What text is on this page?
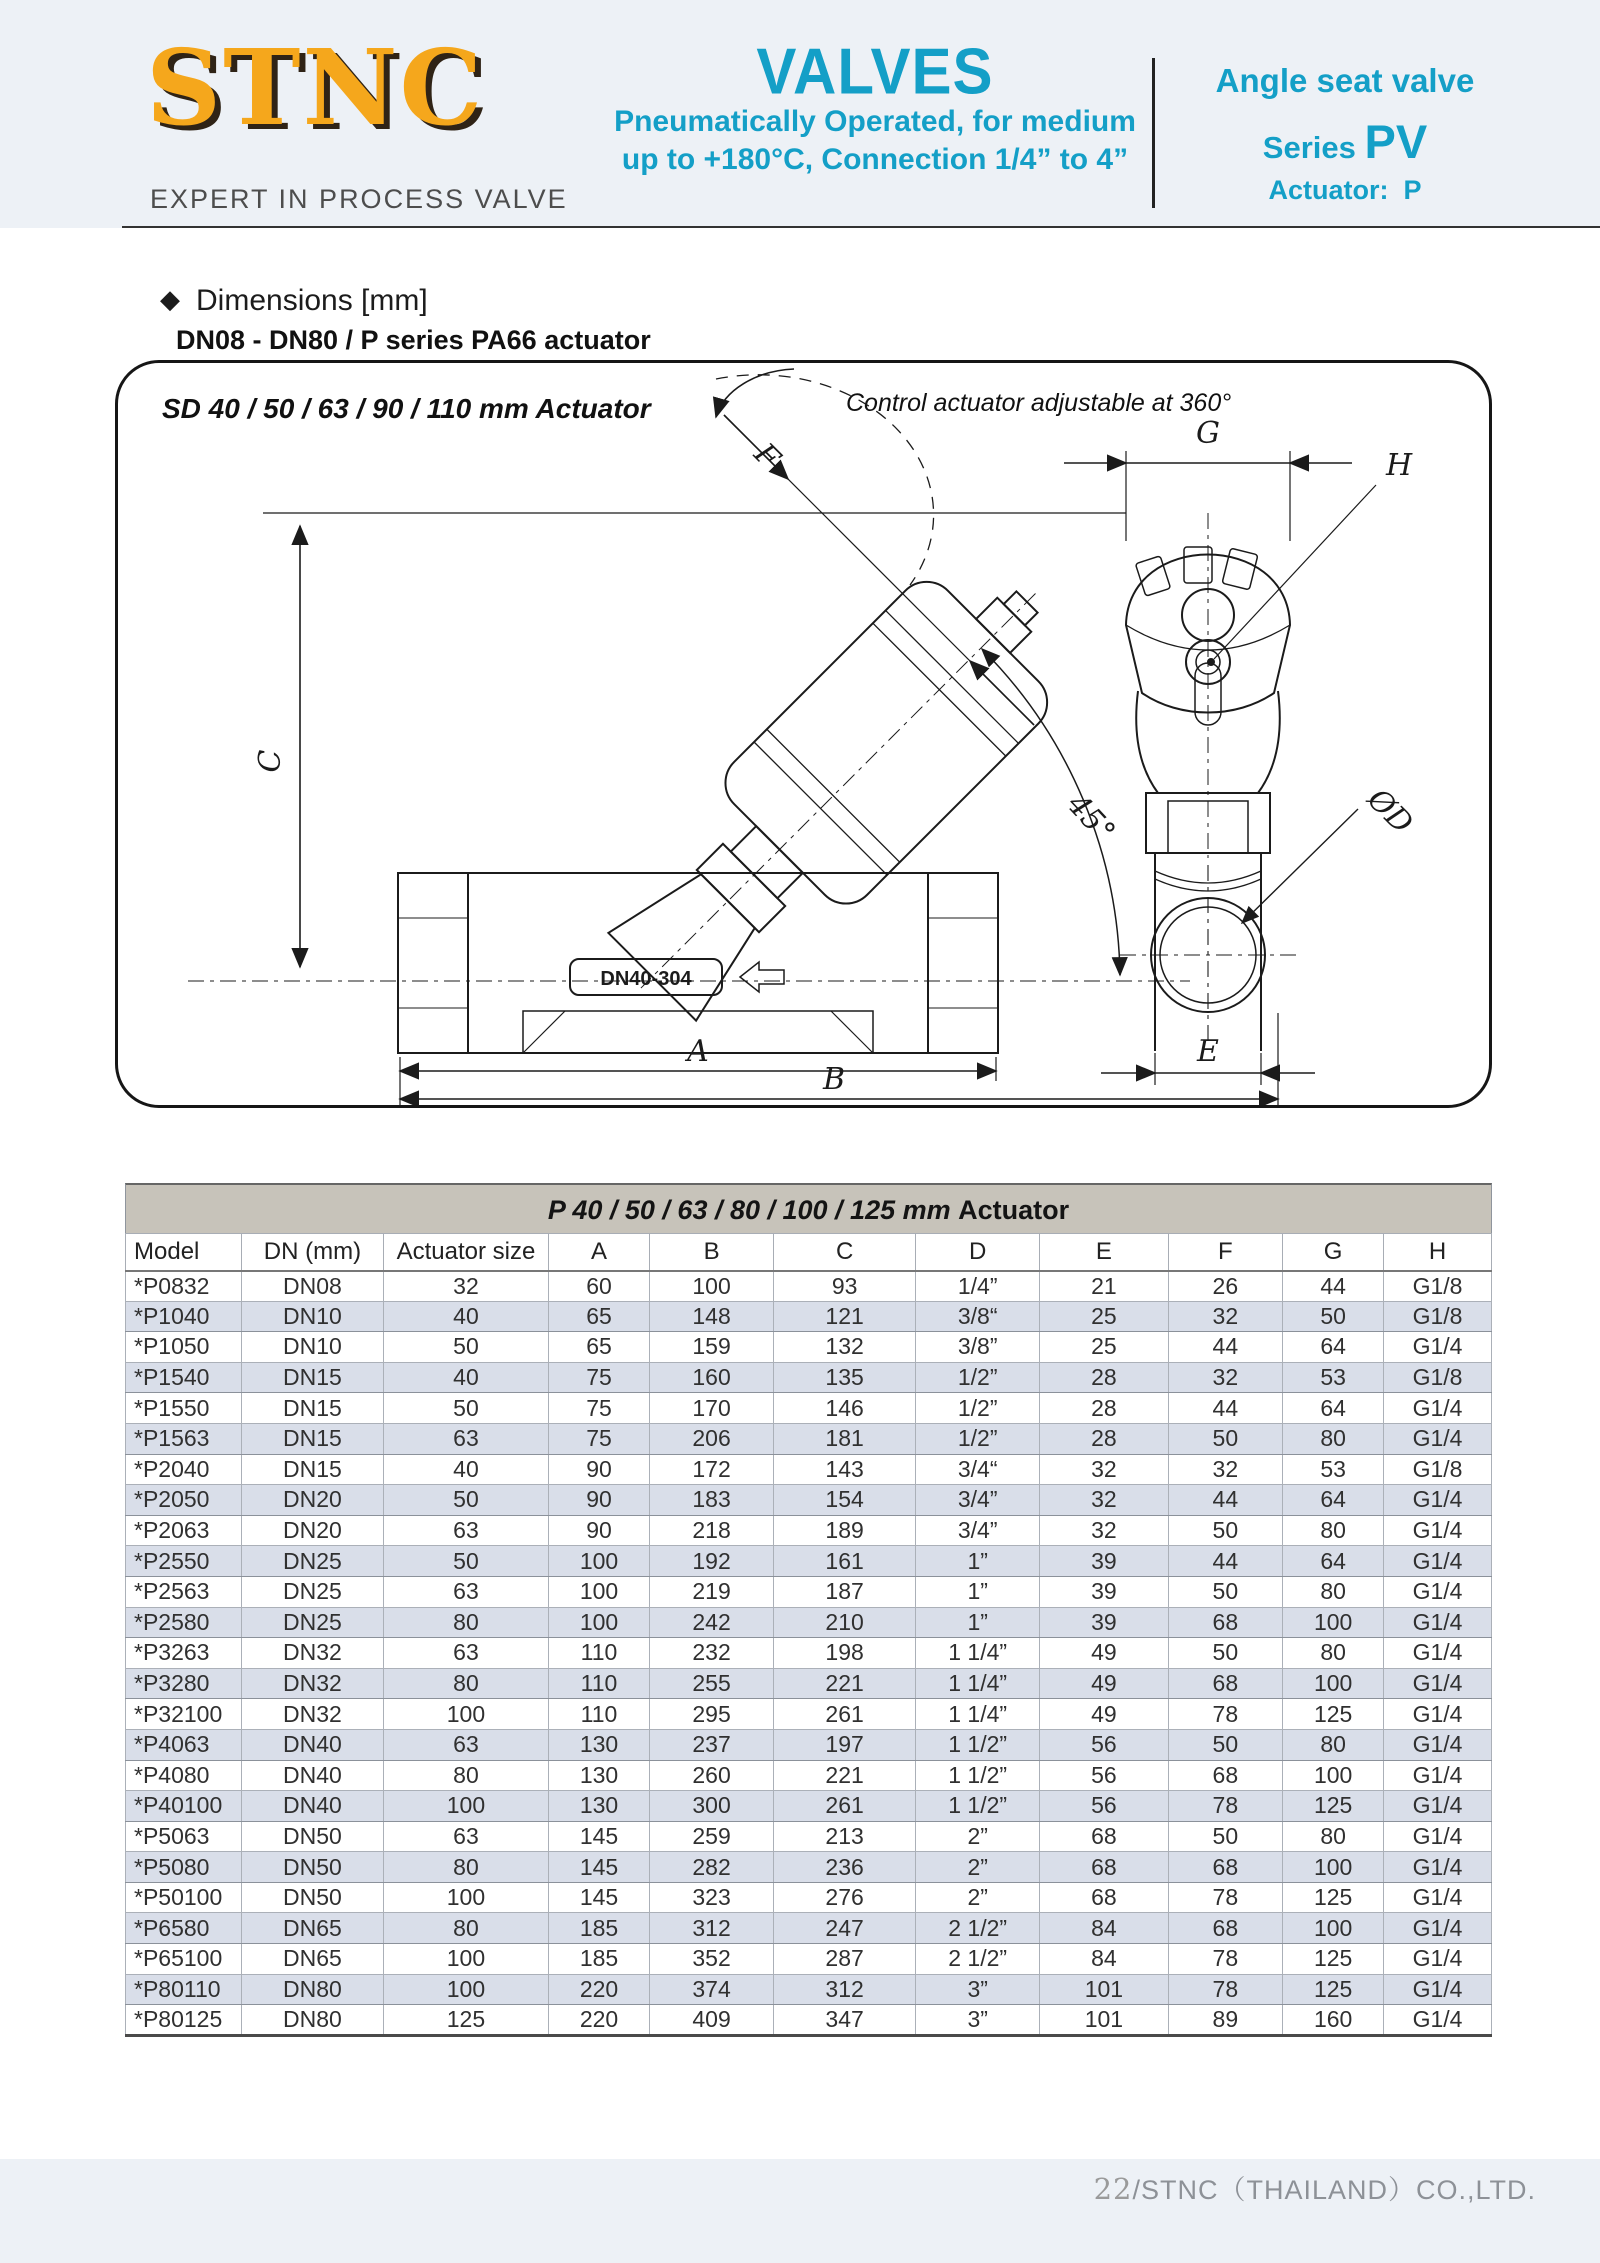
STNC
EXPERT IN PROCESS VALVE
VALVES
Pneumatically Operated, for medium
up to +180°C, Connection 1/4” to 4”
Angle seat valve
Series PV
Actuator:  P
◆ Dimensions [mm]
DN08 - DN80 / P series PA66 actuator
SD 40 / 50 / 63 / 90 / 110 mm Actuator	Control actuator adjustable at 360°
C
DN40-304
F
45°
A
B
G
H
ØD
E
P 40 / 50 / 63 / 80 / 100 / 125 mm Actuator
Model	DN (mm)	Actuator size	A	B	C	D	E	F	G	H
*P0832	DN08	32	60	100	93	1/4”	21	26	44	G1/8
*P1040	DN10	40	65	148	121	3/8“	25	32	50	G1/8
*P1050	DN10	50	65	159	132	3/8”	25	44	64	G1/4
*P1540	DN15	40	75	160	135	1/2”	28	32	53	G1/8
*P1550	DN15	50	75	170	146	1/2”	28	44	64	G1/4
*P1563	DN15	63	75	206	181	1/2”	28	50	80	G1/4
*P2040	DN15	40	90	172	143	3/4“	32	32	53	G1/8
*P2050	DN20	50	90	183	154	3/4”	32	44	64	G1/4
*P2063	DN20	63	90	218	189	3/4”	32	50	80	G1/4
*P2550	DN25	50	100	192	161	1”	39	44	64	G1/4
*P2563	DN25	63	100	219	187	1”	39	50	80	G1/4
*P2580	DN25	80	100	242	210	1”	39	68	100	G1/4
*P3263	DN32	63	110	232	198	1 1/4”	49	50	80	G1/4
*P3280	DN32	80	110	255	221	1 1/4”	49	68	100	G1/4
*P32100	DN32	100	110	295	261	1 1/4”	49	78	125	G1/4
*P4063	DN40	63	130	237	197	1 1/2”	56	50	80	G1/4
*P4080	DN40	80	130	260	221	1 1/2”	56	68	100	G1/4
*P40100	DN40	100	130	300	261	1 1/2”	56	78	125	G1/4
*P5063	DN50	63	145	259	213	2”	68	50	80	G1/4
*P5080	DN50	80	145	282	236	2”	68	68	100	G1/4
*P50100	DN50	100	145	323	276	2”	68	78	125	G1/4
*P6580	DN65	80	185	312	247	2 1/2”	84	68	100	G1/4
*P65100	DN65	100	185	352	287	2 1/2”	84	78	125	G1/4
*P80110	DN80	100	220	374	312	3”	101	78	125	G1/4
*P80125	DN80	125	220	409	347	3”	101	89	160	G1/4
22/STNC（THAILAND）CO.,LTD.
